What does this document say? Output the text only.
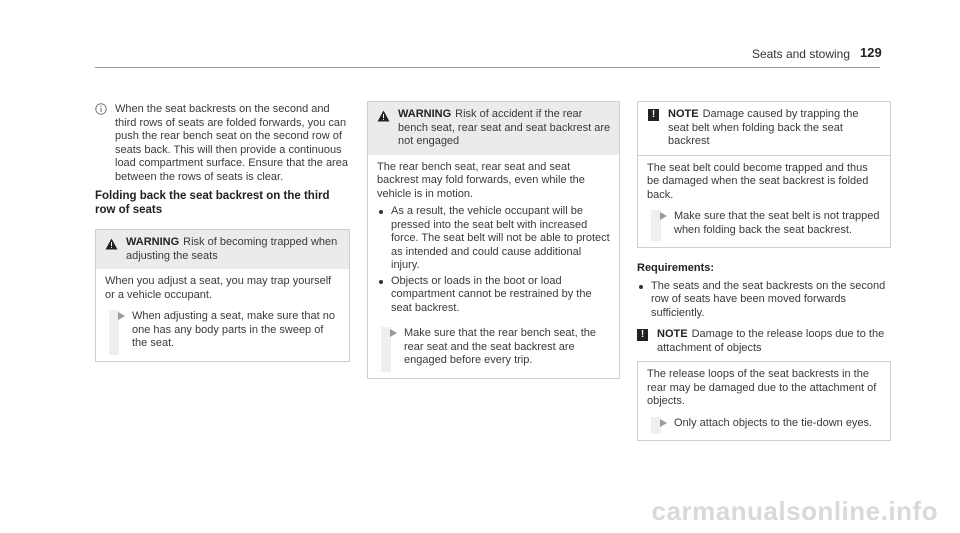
Seats and stowing 129

When the seat backrests on the second and third rows of seats are folded forwards, you can push the rear bench seat on the second row of seats back. This will then provide a continuous load compartment surface. Ensure that the area between the rows of seats is clear.

Folding back the seat backrest on the third row of seats

WARNING Risk of becoming trapped when adjusting the seats

When you adjust a seat, you may trap yourself or a vehicle occupant.

When adjusting a seat, make sure that no one has any body parts in the sweep of the seat.

WARNING Risk of accident if the rear bench seat, rear seat and seat backrest are not engaged

The rear bench seat, rear seat and seat backrest may fold forwards, even while the vehicle is in motion.

As a result, the vehicle occupant will be pressed into the seat belt with increased force. The seat belt will not be able to protect as intended and could cause additional injury.
Objects or loads in the boot or load compartment cannot be restrained by the seat backrest.

Make sure that the rear bench seat, the rear seat and the seat backrest are engaged before every trip.

!	NOTE Damage caused by trapping the seat belt when folding back the seat backrest

The seat belt could become trapped and thus be damaged when the seat backrest is folded back.

Make sure that the seat belt is not trapped when folding back the seat backrest.

Requirements:

The seats and the seat backrests on the second row of seats have been moved forwards sufficiently.
!	NOTE Damage to the release loops due to the attachment of objects

The release loops of the seat backrests in the rear may be damaged due to the attachment of objects.

Only attach objects to the tie-down eyes.

carmanualsonline.info
